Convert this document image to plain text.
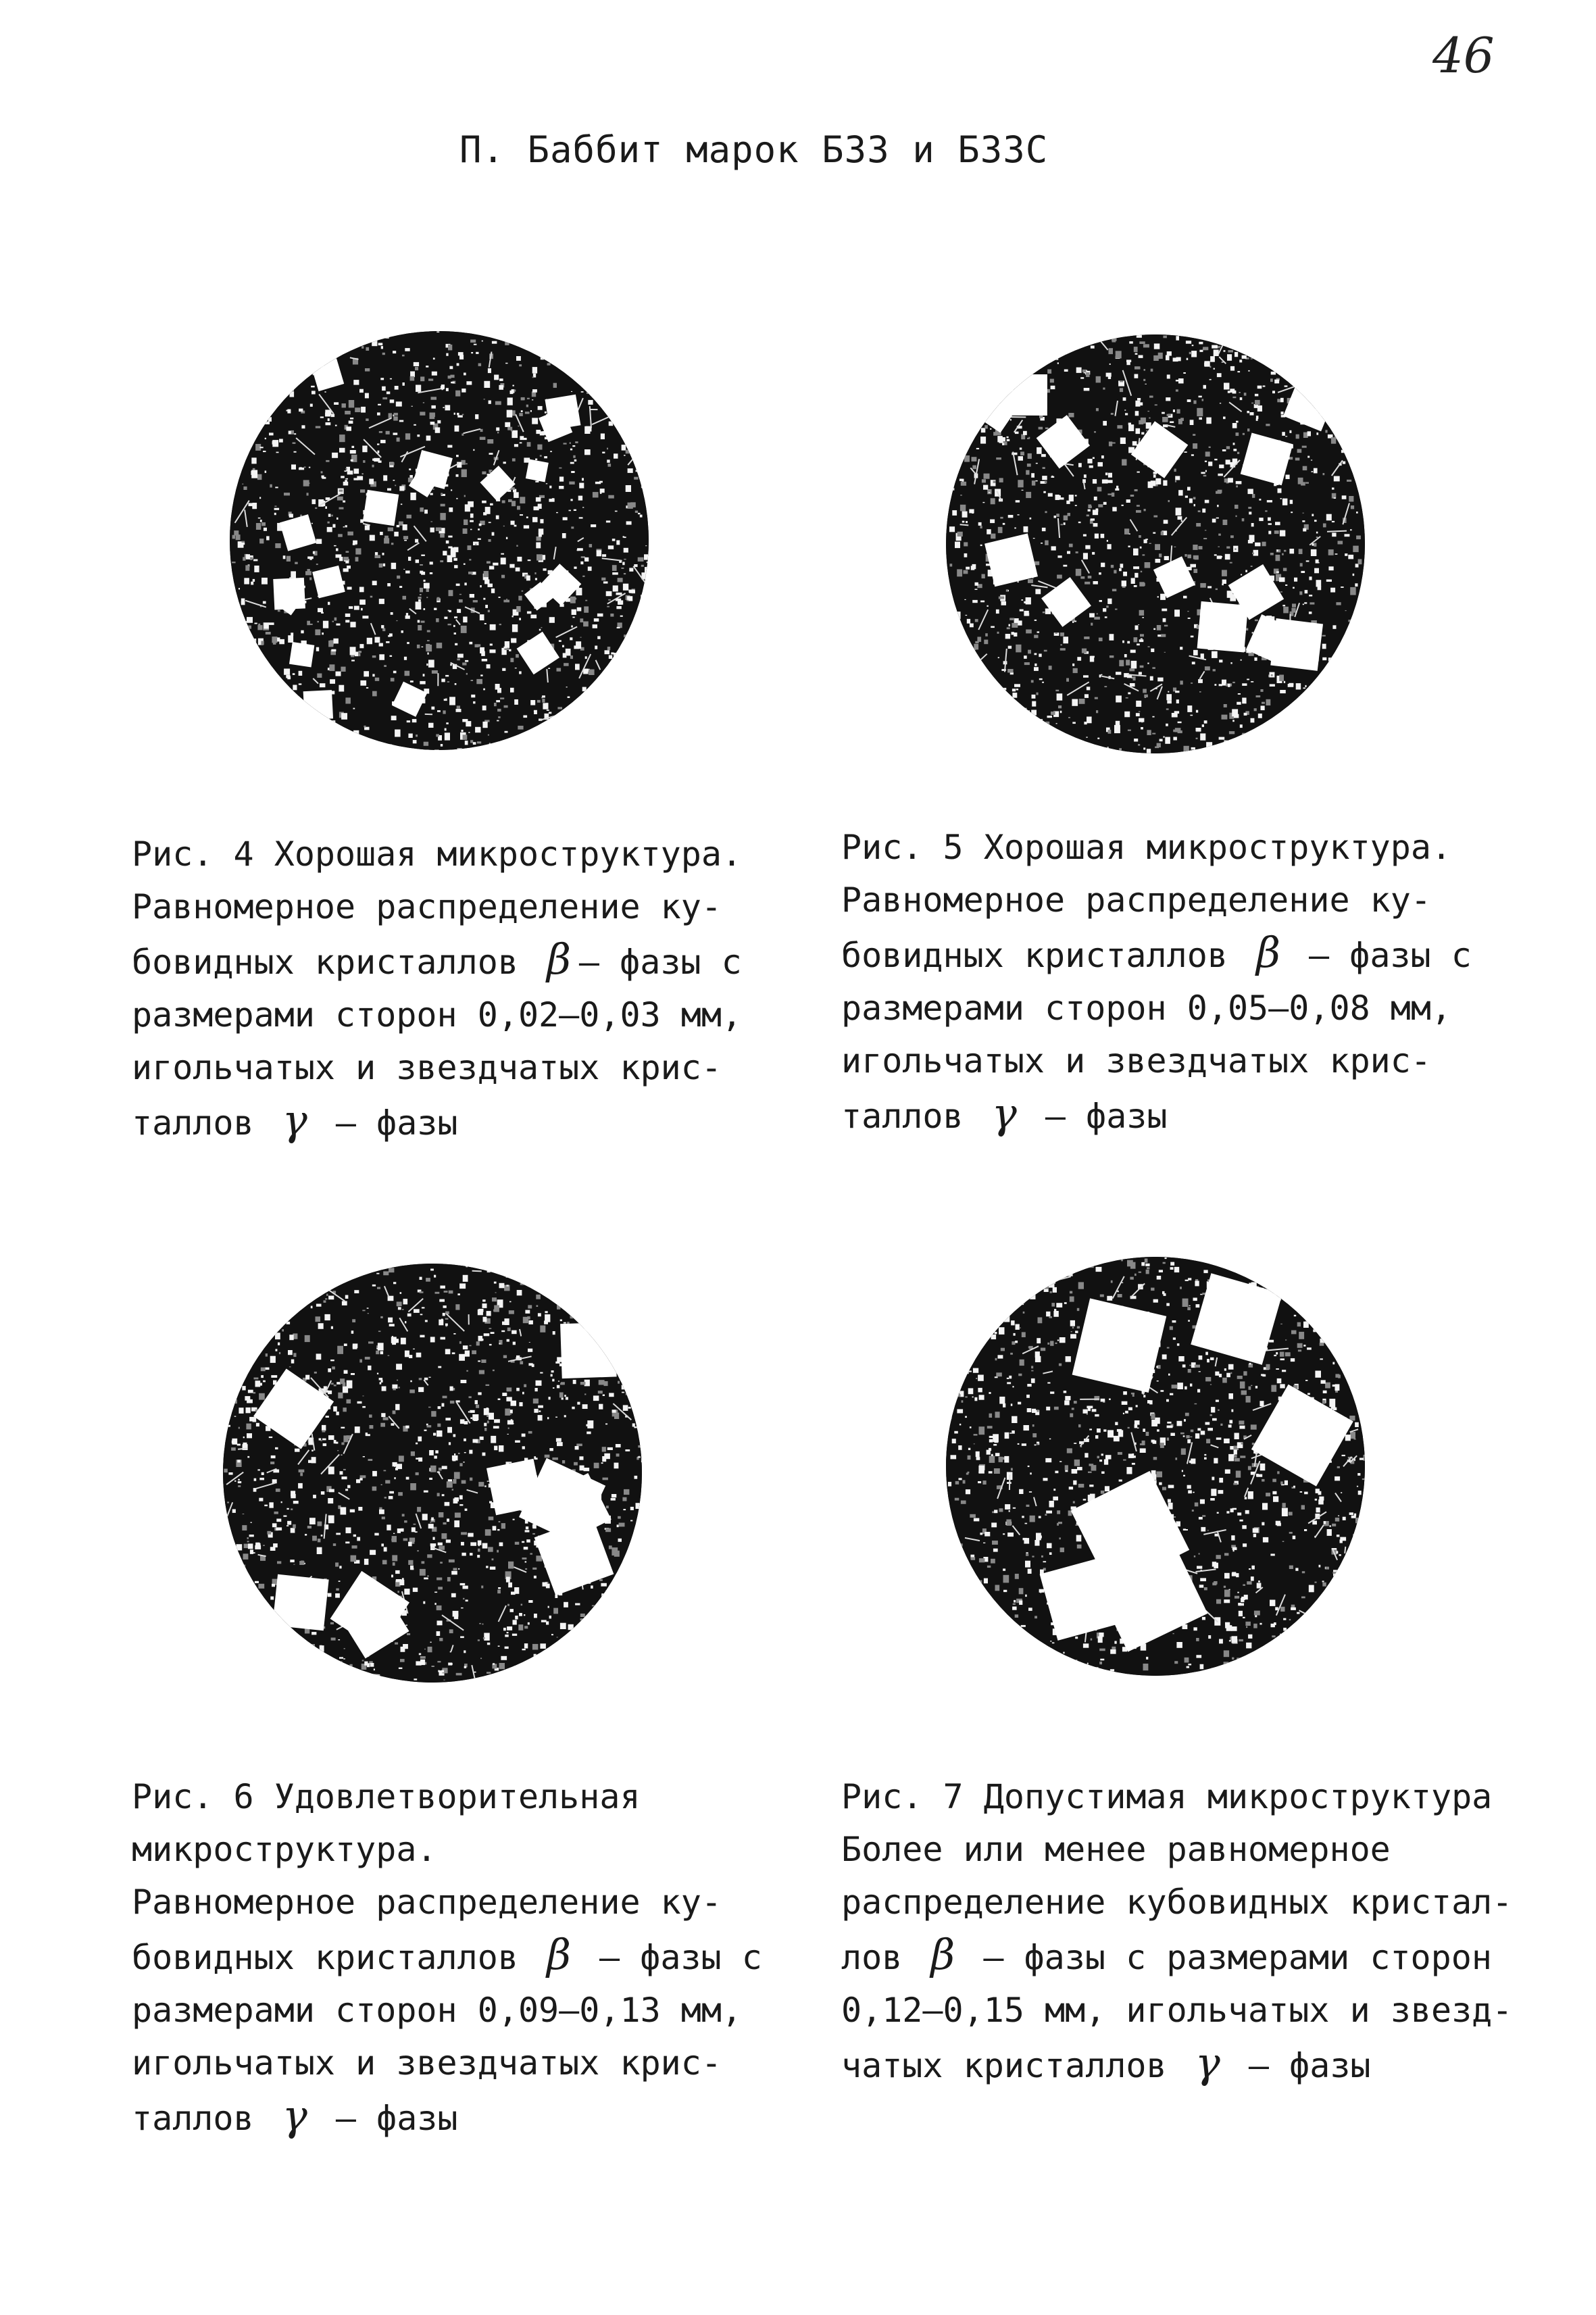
46
П. Баббит марок БЗЗ и БЗЗС
Рис. 4 Хорошая микроструктура.
Равномерное распределение ку-
бовидных кристаллов β – фазы с
размерами сторон 0,02–0,03 мм,
игольчатых и звездчатых крис-
таллов γ – фазы
Рис. 5 Хорошая микроструктура.
Равномерное распределение ку-
бовидных кристаллов β – фазы с
размерами сторон 0,05–0,08 мм,
игольчатых и звездчатых крис-
таллов γ – фазы
Рис. 6 Удовлетворительная
микроструктура.
Равномерное распределение ку-
бовидных кристаллов β – фазы с
размерами сторон 0,09–0,13 мм,
игольчатых и звездчатых крис-
таллов γ – фазы
Рис. 7 Допустимая микроструктура
Более или менее равномерное
распределение кубовидных кристал-
лов β – фазы с размерами сторон
0,12–0,15 мм, игольчатых и звезд-
чатых кристаллов γ – фазы
